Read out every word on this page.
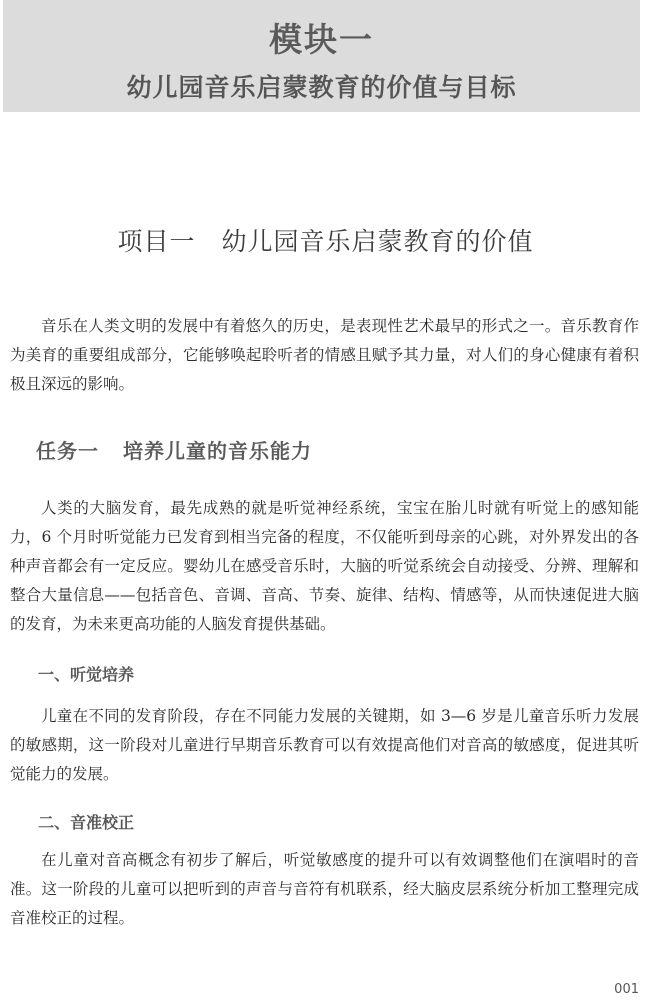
模块一
幼儿园音乐启蒙教育的价值与目标
项目一　幼儿园音乐启蒙教育的价值

音乐在人类文明的发展中有着悠久的历史，是表现性艺术最早的形式之一。音乐教育作为美育的重要组成部分，它能够唤起聆听者的情感且赋予其力量，对人们的身心健康有着积极且深远的影响。

任务一 培养儿童的音乐能力

人类的大脑发育，最先成熟的就是听觉神经系统，宝宝在胎儿时就有听觉上的感知能力，6 个月时听觉能力已发育到相当完备的程度，不仅能听到母亲的心跳，对外界发出的各种声音都会有一定反应。婴幼儿在感受音乐时，大脑的听觉系统会自动接受、分辨、理解和整合大量信息——包括音色、音调、音高、节奏、旋律、结构、情感等，从而快速促进大脑的发育，为未来更高功能的人脑发育提供基础。

一、听觉培养

儿童在不同的发育阶段，存在不同能力发展的关键期，如 3—6 岁是儿童音乐听力发展的敏感期，这一阶段对儿童进行早期音乐教育可以有效提高他们对音高的敏感度，促进其听觉能力的发展。

二、音准校正

在儿童对音高概念有初步了解后，听觉敏感度的提升可以有效调整他们在演唱时的音准。这一阶段的儿童可以把听到的声音与音符有机联系，经大脑皮层系统分析加工整理完成音准校正的过程。

001
